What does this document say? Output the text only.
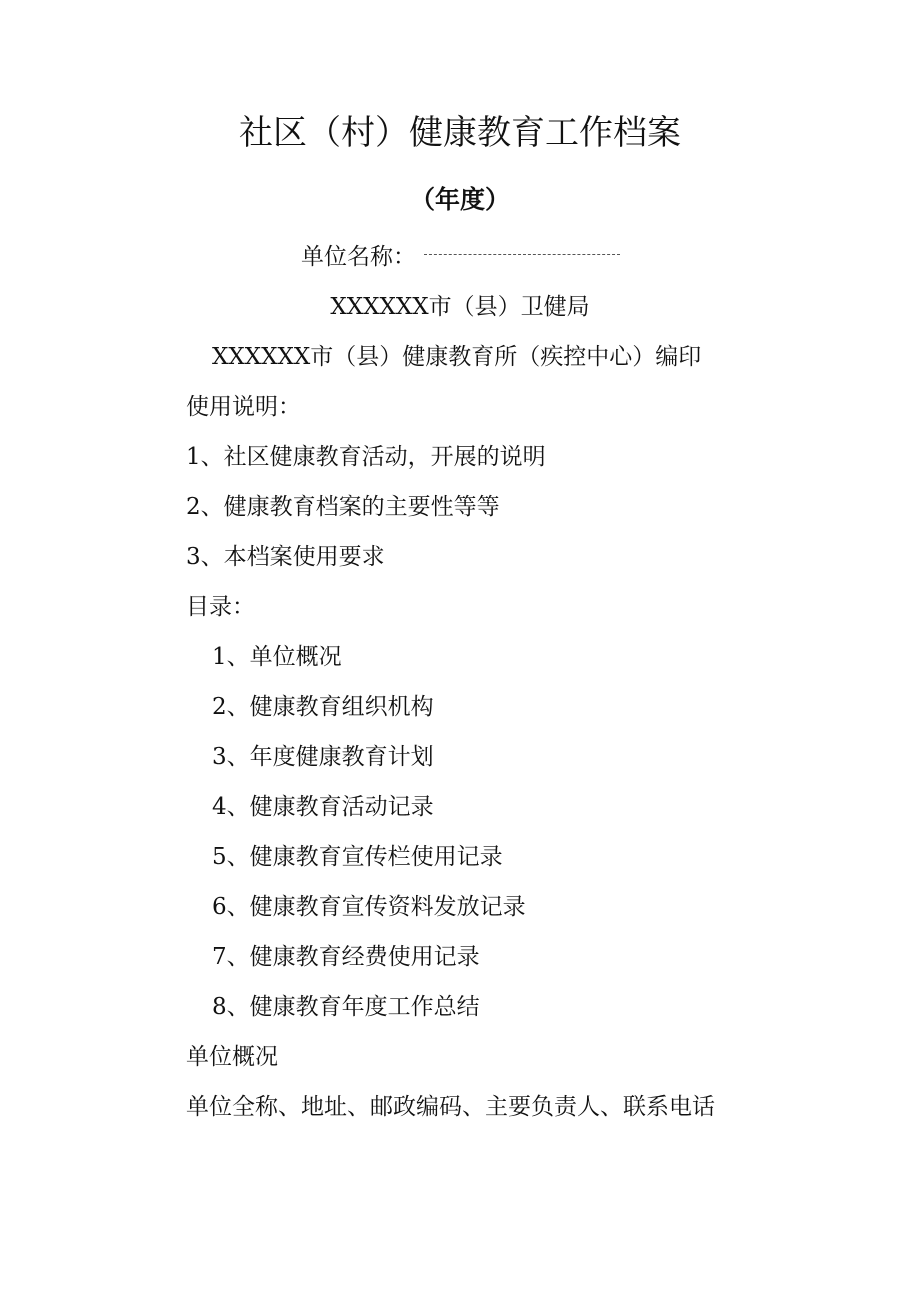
社区（村）健康教育工作档案
（年度）
单位名称：
XXXXXX市（县）卫健局
XXXXXX市（县）健康教育所（疾控中心）编印
使用说明：
1、社区健康教育活动，开展的说明
2、健康教育档案的主要性等等
3、本档案使用要求
目录：
1、单位概况
2、健康教育组织机构
3、年度健康教育计划
4、健康教育活动记录
5、健康教育宣传栏使用记录
6、健康教育宣传资料发放记录
7、健康教育经费使用记录
8、健康教育年度工作总结
单位概况
单位全称、地址、邮政编码、主要负责人、联系电话
